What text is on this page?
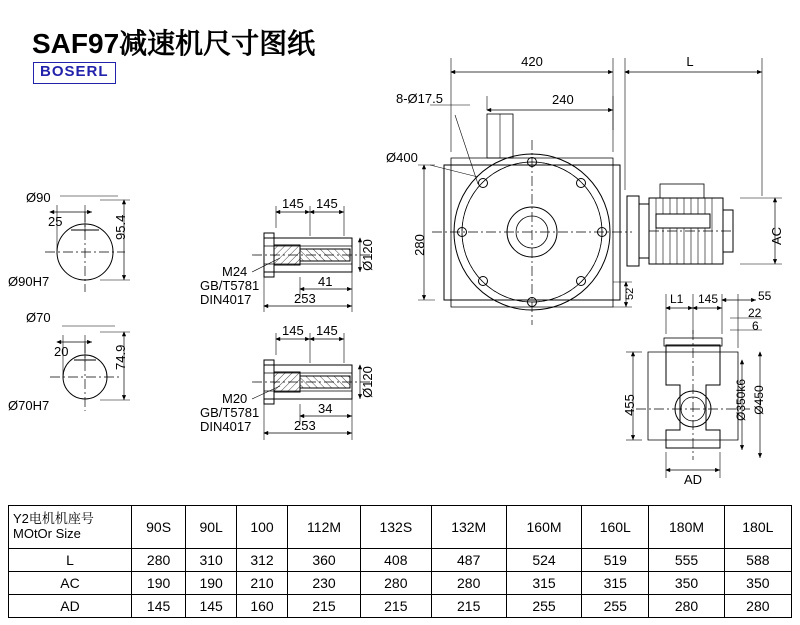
SAF97减速机尺寸图纸
BOSERL
Ø90
25	95.4
Ø90H7
Ø70
20	74.9
Ø70H7
145 145
Ø120
M24
GB/T5781
DIN4017
41
253
145 145
Ø120
M20
GB/T5781
DIN4017
34
253
420	L
8-Ø17.5	240
Ø400
280
52
AC
L1 145	55
22
6
455	Ø350k6 Ø450
AD
Y2电机机座号
MOtOr Size	90S	90L	100	112M	132S	132M	160M	160L	180M	180L
L	280	310	312	360	408	487	524	519	555	588
AC	190	190	210	230	280	280	315	315	350	350
AD	145	145	160	215	215	215	255	255	280	280
